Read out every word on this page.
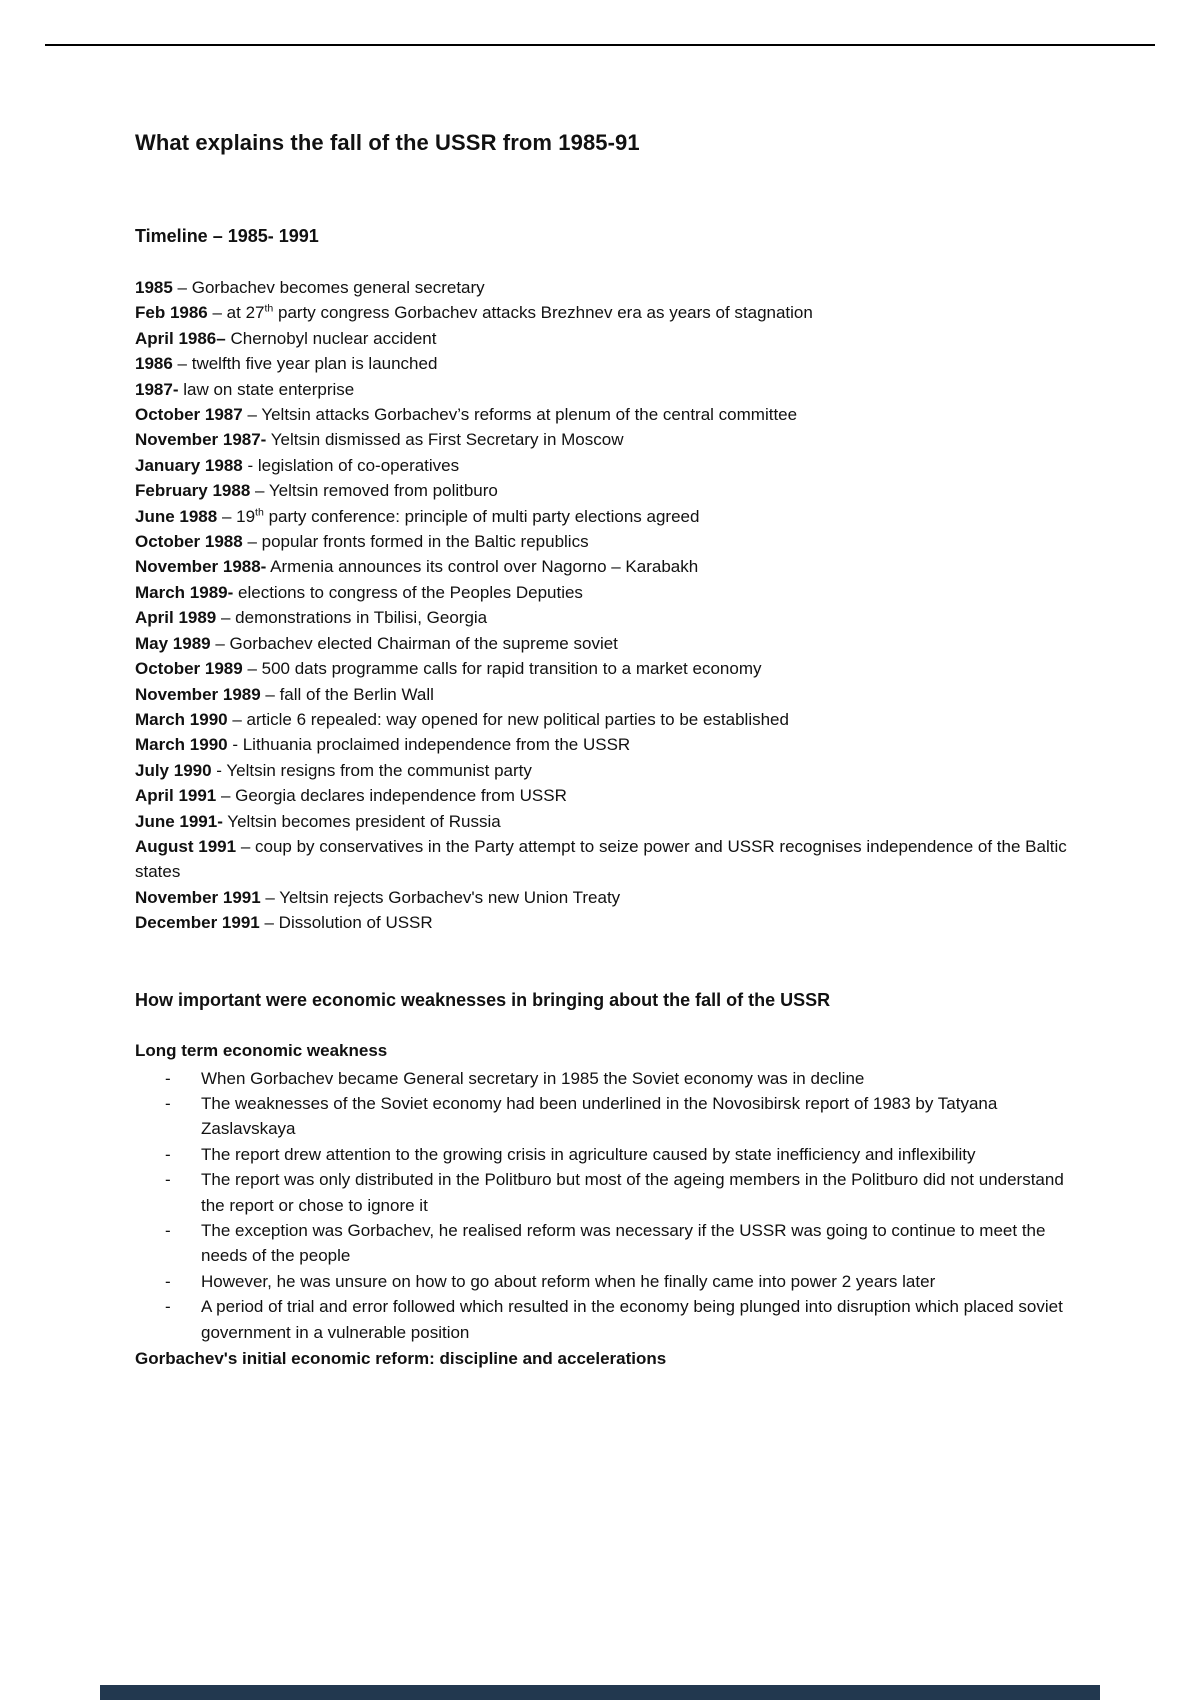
What explains the fall of the USSR from 1985-91
Timeline – 1985- 1991
1985 – Gorbachev becomes general secretary
Feb 1986 – at 27th party congress Gorbachev attacks Brezhnev era as years of stagnation
April 1986– Chernobyl nuclear accident
1986 – twelfth five year plan is launched
1987- law on state enterprise
October 1987 – Yeltsin attacks Gorbachev’s reforms at plenum of the central committee
November 1987- Yeltsin dismissed as First Secretary in Moscow
January 1988 - legislation of co-operatives
February 1988 – Yeltsin removed from politburo
June 1988 – 19th party conference: principle of multi party elections agreed
October 1988 – popular fronts formed in the Baltic republics
November 1988- Armenia announces its control over Nagorno – Karabakh
March 1989- elections to congress of the Peoples Deputies
April 1989 – demonstrations in Tbilisi, Georgia
May 1989 – Gorbachev elected Chairman of the supreme soviet
October 1989 – 500 dats programme calls for rapid transition to a market economy
November 1989 – fall of the Berlin Wall
March 1990 – article 6 repealed: way opened for new political parties to be established
March 1990 - Lithuania proclaimed independence from the USSR
July 1990 - Yeltsin resigns from the communist party
April 1991 – Georgia declares independence from USSR
June 1991- Yeltsin becomes president of Russia
August 1991 – coup by conservatives in the Party attempt to seize power and USSR recognises independence of the Baltic states
November 1991 – Yeltsin rejects Gorbachev's new Union Treaty
December 1991 – Dissolution of USSR
How important were economic weaknesses in bringing about the fall of the USSR
Long term economic weakness
-	When Gorbachev became General secretary in 1985 the Soviet economy was in decline
-	The weaknesses of the Soviet economy had been underlined in the Novosibirsk report of 1983 by Tatyana Zaslavskaya
-	The report drew attention to the growing crisis in agriculture caused by state inefficiency and inflexibility
-	The report was only distributed in the Politburo but most of the ageing members in the Politburo did not understand the report or chose to ignore it
-	The exception was Gorbachev, he realised reform was necessary if the USSR was going to continue to meet the needs of the people
-	However, he was unsure on how to go about reform when he finally came into power 2 years later
-	A period of trial and error followed which resulted in the economy being plunged into disruption which placed soviet government in a vulnerable position
Gorbachev's initial economic reform: discipline and accelerations
